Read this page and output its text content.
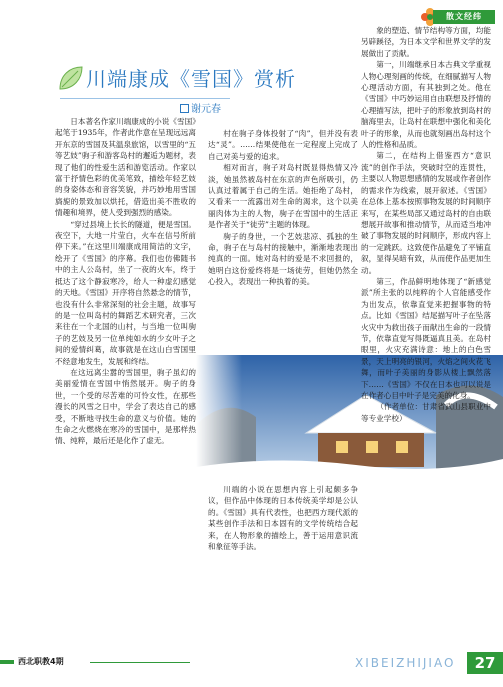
散文经纬
川端康成《雪国》赏析
谢元春

日本著名作家川端康成的小说《雪国》起笔于1935年，作者此作意在呈现远远离开东京的雪国及其温泉旅馆，以雪里的“五等艺妓”驹子和游客岛村的邂逅为题材，表现了他们的性爱生活和游览活动。作家以富于抒情色彩的优美笔致，描绘年轻艺妓的身姿体态和音容笑貌，并巧妙地用雪国旖旎的景致加以烘托，借造出美不胜收的情趣和境界，使人受到强烈的感染。

“穿过县境上长长的隧道，便是雪国。夜空下，大地一片莹白，火车在信号所前停下来。”在这里川端康成用简洁的文字，绘开了《雪国》的序幕。我们也仿佛随书中的主人公岛村，坐了一夜的火车，终于抵达了这个静寂寒冷，给人一种虚幻感觉的天地。《雪国》开序将自然悬念的情节，也没有什么非常深刻的社会主题，故事写的是一位叫岛村的舞蹈艺术研究者，三次来往在一个北国的山村，与当地一位叫驹子的艺妓及另一位单纯如水的少女叶子之间的爱情纠葛，故事就是在这山白雪国里不经意地发生，发展和终结。

在这远离尘嚣的雪国里，驹子虽幻的美丽爱情在雪国中悄然展开。驹子的身世，一个受的尽苦难的可怜女性，在那些漫长的风雪之日中，学会了表达自己的感受，不断地寻找生命的意义与价值。她的生命之火燃烧在寒冷的雪国中，是那样热情、纯粹，最后还是化作了虚无。

村在驹子身体投射了“肉”，但并没有表达“灵”。……结果使他在一定程度上完成了自己对美与爱的追求。

相对而言，驹子对岛村既显得热情又冷淡，她虽然被岛村在东京的声色所吸引，仍认真过着属于自己的生活。她拒绝了岛村，又看来一一流露出对生命的渴求，这个以美丽肉体为主的人物，驹子在雪国中的生活正是作者关于“徒劳”主题的体现。

驹子的身世，一个艺妓悲凉、孤独的生命，驹子在与岛村的接触中，渐渐地表现出纯真的一面。她对岛村的爱是不求回报的，她明白这份爱终将是一场徒劳，但她仍然全心投入，表现出一种执着的美。

川端的小说在思想内容上引起颇多争议，但作品中体现的日本传统美学却是公认的。《雪国》具有代表性，也把西方现代派的某些创作手法和日本固有的文学传统结合起来，在人物形象的描绘上，善于运用意识流和象征等手法。

象的塑造、情节结构等方面，均能另辟蹊径，为日本文学和世界文学的发展做出了贡献。

第一，川端继承日本古典文学重视人物心理刻画的传统，在细腻描写人物心理活动方面，有其独到之处。他在《雪国》中巧妙运用自由联想及抒情的心理描写法，把叶子的形象放到岛村的脑海里去，让岛村在联想中强化和美化叶子的形象，从而也就刻画出岛村这个人的性格和品质。

第二，在结构上借鉴西方“意识流”的创作手法，突破时空的连贯性，主要以人物思想感情的发展或作者创作的需求作为线索，展开叙述。《雪国》在总体上基本按照事物发展的时间顺序来写，在某些局部又通过岛村的自由联想展开故事和推动情节，从而适当地冲破了事物发展的时间顺序，形成内容上的一定跳跃。这致使作品避免了平铺直叙，显得吴暗有致，从而使作品更加生动。

第三，作品鲜明地体现了“新感觉派”所主张的以纯粹的个人官能感受作为出发点，依靠直觉来把握事物的特点。比如《雪国》结尾描写叶子在坠落火灾中为救出孩子而献出生命的一段情节，依靠直觉写得既逼真且美。在岛村眼里，火灾充满诗意：地上的白色雪景，天上明亮的银河，火焰之间火花飞舞，而叶子美丽的身影从楼上飘然落下……《雪国》不仅在日本也可以说是在作者心目中叶子是完美的化身。

（作者单位：甘肃省武山县职业中等专业学校）

西北职教4期	XIBEIZHIJIAO	27
